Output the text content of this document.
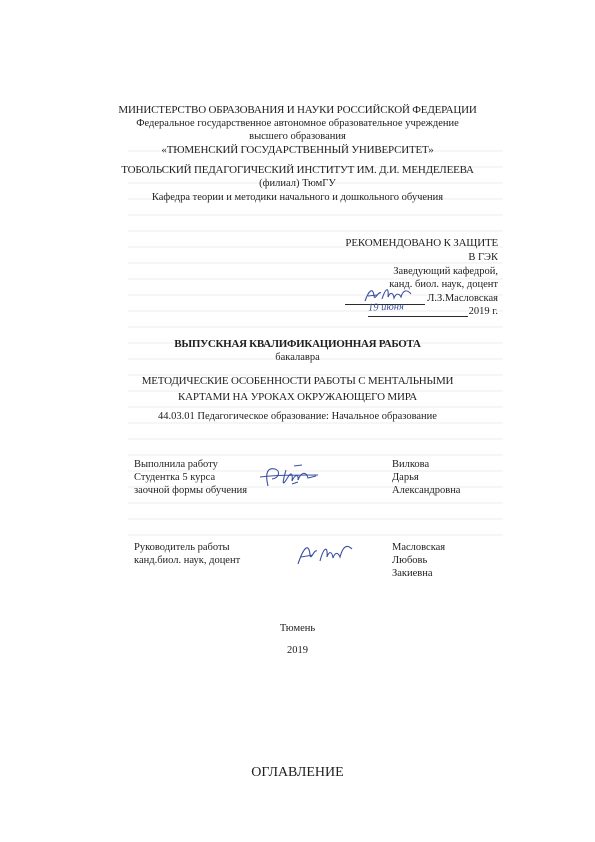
МИНИСТЕРСТВО ОБРАЗОВАНИЯ И НАУКИ РОССИЙСКОЙ ФЕДЕРАЦИИ
Федеральное государственное автономное образовательное учреждение
высшего образования
«ТЮМЕНСКИЙ ГОСУДАРСТВЕННЫЙ УНИВЕРСИТЕТ»
ТОБОЛЬСКИЙ ПЕДАГОГИЧЕСКИЙ ИНСТИТУТ ИМ. Д.И. МЕНДЕЛЕЕВА
(филиал) ТюмГУ
Кафедра теории и методики начального и дошкольного обучения
РЕКОМЕНДОВАНО К ЗАЩИТЕ
В ГЭК
Заведующий кафедрой,
канд. биол. наук, доцент
Л.З.Масловская
19 июня	2019 г.
ВЫПУСКНАЯ КВАЛИФИКАЦИОННАЯ РАБОТА
бакалавра
МЕТОДИЧЕСКИЕ ОСОБЕННОСТИ РАБОТЫ С МЕНТАЛЬНЫМИ
КАРТАМИ НА УРОКАХ ОКРУЖАЮЩЕГО МИРА
44.03.01 Педагогическое образование: Начальное образование
Выполнила работу
Студентка 5 курса
заочной формы обучения
Вилкова
Дарья
Александровна
Руководитель работы
канд.биол. наук, доцент
Масловская
Любовь
Закиевна
Тюмень
2019
ОГЛАВЛЕНИЕ
